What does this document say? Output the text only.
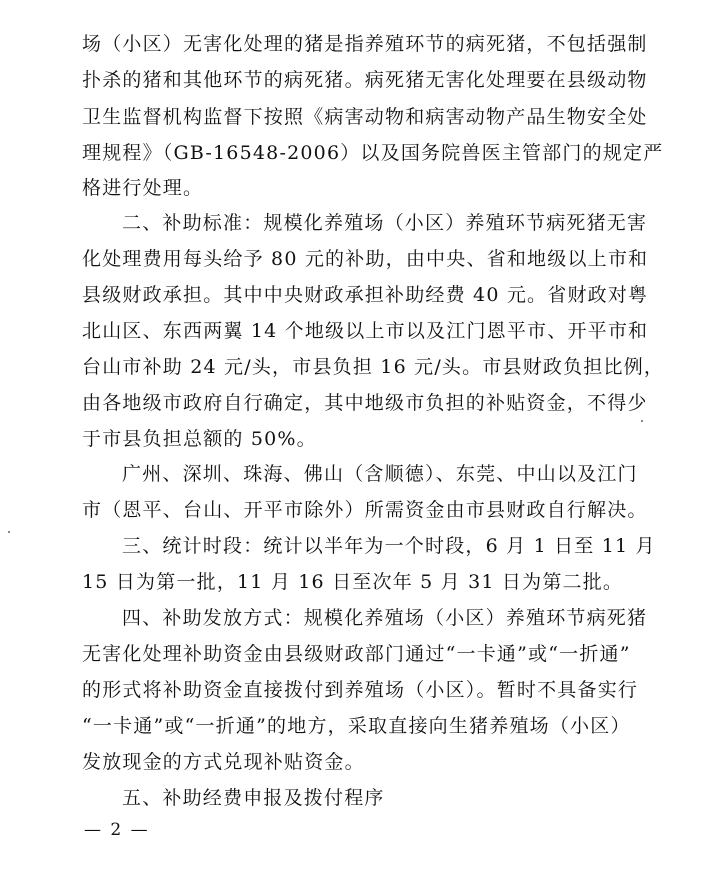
场（小区）无害化处理的猪是指养殖环节的病死猪，不包括强制
扑杀的猪和其他环节的病死猪。病死猪无害化处理要在县级动物
卫生监督机构监督下按照《病害动物和病害动物产品生物安全处
理规程》（GB-16548-2006）以及国务院兽医主管部门的规定严
格进行处理。
二、补助标准：规模化养殖场（小区）养殖环节病死猪无害
化处理费用每头给予 80 元的补助，由中央、省和地级以上市和
县级财政承担。其中中央财政承担补助经费 40 元。省财政对粤
北山区、东西两翼 14 个地级以上市以及江门恩平市、开平市和
台山市补助 24 元/头，市县负担 16 元/头。市县财政负担比例，
由各地级市政府自行确定，其中地级市负担的补贴资金，不得少
于市县负担总额的 50%。
广州、深圳、珠海、佛山（含顺德）、东莞、中山以及江门
市（恩平、台山、开平市除外）所需资金由市县财政自行解决。
三、统计时段：统计以半年为一个时段，6 月 1 日至 11 月
15 日为第一批，11 月 16 日至次年 5 月 31 日为第二批。
四、补助发放方式：规模化养殖场（小区）养殖环节病死猪
无害化处理补助资金由县级财政部门通过“一卡通”或“一折通”
的形式将补助资金直接拨付到养殖场（小区）。暂时不具备实行
“一卡通”或“一折通”的地方，采取直接向生猪养殖场（小区）
发放现金的方式兑现补贴资金。
五、补助经费申报及拨付程序
— 2 —
